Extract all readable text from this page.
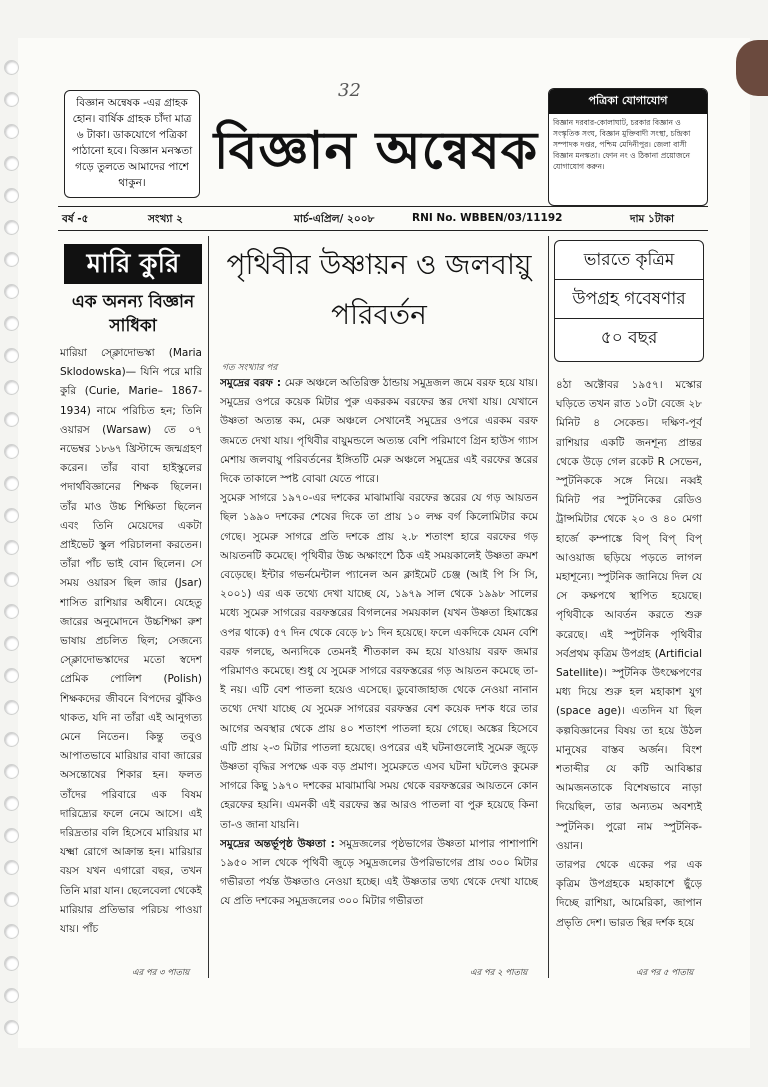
32
বিজ্ঞান অন্বেষক -এর গ্রাহক হোন। বার্ষিক গ্রাহক চাঁদা মাত্র ৬ টাকা। ডাকযোগে পত্রিকা পাঠানো হবে। বিজ্ঞান মনস্কতা গড়ে তুলতে আমাদের পাশে থাকুন।
বিজ্ঞান অন্বেষক
পত্রিকা যোগাযোগ
বিজ্ঞান দরবার-কোলাঘাট, চরকার বিজ্ঞান ও সংস্কৃতিক সংঘ, বিজ্ঞান মুক্তিবাদী সংস্থা, চন্দ্রিকা সম্পাদক দপ্তর, পশ্চিম মেদিনীপুর। জেলা বাসী বিজ্ঞান মনস্কতা। ফোন নং ও ঠিকানা প্রয়োজনে যোগাযোগ করুন।
বর্ষ -৫	সংখ্যা ২	মার্চ-এপ্রিল/ ২০০৮	RNI No. WBBEN/03/11192	দাম ১টাকা
মারি কুরি
এক অনন্য বিজ্ঞান সাধিকা

মারিয়া স্ক্লোদোভস্কা (Maria Sklodowska)— যিনি পরে মারি কুরি (Curie, Marie– 1867-1934) নামে পরিচিত হন; তিনি ওয়ারস (Warsaw) তে ০৭ নভেম্বর ১৮৬৭ খ্রিস্টাব্দে জন্মগ্রহণ করেন। তাঁর বাবা হাইস্কুলের পদার্থবিজ্ঞানের শিক্ষক ছিলেন। তাঁর মাও উচ্চ শিক্ষিতা ছিলেন এবং তিনি মেয়েদের একটা প্রাইভেট স্কুল পরিচালনা করতেন। তাঁরা পাঁচ ভাই বোন ছিলেন। সে সময় ওয়ারস ছিল জার (Jsar) শাসিত রাশিয়ার অধীনে। যেহেতু জারের অনুমোদনে উচ্চশিক্ষা রুশ ভাষায় প্রচলিত ছিল; সেজন্যে স্ক্লোদোভস্কাদের মতো স্বদেশ প্রেমিক পোলিশ (Polish) শিক্ষকদের জীবনে বিপদের ঝুঁকিও থাকত, যদি না তাঁরা এই আনুগত্য মেনে নিতেন। কিন্তু তবুও আপাতভাবে মারিয়ার বাবা জারের অসন্তোষের শিকার হন। ফলত তাঁদের পরিবারে এক বিষম দারিদ্র্যের ফলে নেমে আসে। এই দরিদ্রতার বলি হিসেবে মারিয়ার মা যক্ষ্মা রোগে আক্রান্ত হন। মারিয়ার বয়স যখন এগারো বছর, তখন তিনি মারা যান। ছেলেবেলা থেকেই মারিয়ার প্রতিভার পরিচয় পাওয়া যায়। পাঁচ

এর পর ৩ পাতায়
পৃথিবীর উষ্ণায়ন ও জলবায়ু পরিবর্তন
গত সংখ্যার পর

সমুদ্রের বরফ : মেরু অঞ্চলে অতিরিক্ত ঠান্ডায় সমুদ্রজল জমে বরফ হয়ে যায়। সমুদ্রের ওপরে কয়েক মিটার পুরু একরকম বরফের স্তর দেখা যায়। যেখানে উষ্ণতা অত্যন্ত কম, মেরু অঞ্চলে সেখানেই সমুদ্রের ওপরে এরকম বরফ জমতে দেখা যায়। পৃথিবীর বায়ুমন্ডলে অত্যন্ত বেশি পরিমাণে গ্রিন হাউস গ্যাস মেশায় জলবায়ু পরিবর্তনের ইঙ্গিতটি মেরু অঞ্চলে সমুদ্রের এই বরফের স্তরের দিকে তাকালে স্পষ্ট বোঝা যেতে পারে।

সুমেরু সাগরে ১৯৭০-এর দশকের মাঝামাঝি বরফের স্তরের যে গড় আয়তন ছিল ১৯৯০ দশকের শেষের দিকে তা প্রায় ১০ লক্ষ বর্গ কিলোমিটার কমে গেছে। সুমেরু সাগরে প্রতি দশকে প্রায় ২.৮ শতাংশ হারে বরফের গড় আয়তনটি কমেছে। পৃথিবীর উচ্চ অক্ষাংশে ঠিক এই সময়কালেই উষ্ণতা ক্রমশ বেড়েছে। ইন্টার গভর্নমেন্টাল প্যানেল অন ক্লাইমেট চেঞ্জ (আই পি সি সি, ২০০১) এর এক তথ্যে দেখা যাচ্ছে যে, ১৯৭৯ সাল থেকে ১৯৯৮ সালের মধ্যে সুমেরু সাগরের বরফস্তরের বিগলনের সময়কাল (যখন উষ্ণতা হিমাঙ্কের ওপর থাকে) ৫৭ দিন থেকে বেড়ে ৮১ দিন হয়েছে। ফলে একদিকে যেমন বেশি বরফ গলছে, অন্যদিকে তেমনই শীতকাল কম হয়ে যাওয়ায় বরফ জমার পরিমাণও কমেছে। শুধু যে সুমেরু সাগরে বরফস্তরের গড় আয়তন কমেছে তা-ই নয়। এটি বেশ পাতলা হয়েও এসেছে। ডুবোজাহাজ থেকে নেওয়া নানান তথ্যে দেখা যাচ্ছে যে সুমেরু সাগরের বরফস্তর বেশ কয়েক দশক ধরে তার আগের অবস্থার থেকে প্রায় ৪০ শতাংশ পাতলা হয়ে গেছে। অঙ্কের হিসেবে এটি প্রায় ২-৩ মিটার পাতলা হয়েছে। ওপরের এই ঘটনাগুলোই সুমেরু জুড়ে উষ্ণতা বৃদ্ধির সপক্ষে এক বড় প্রমাণ। সুমেরুতে এসব ঘটনা ঘটলেও কুমেরু সাগরে কিছু ১৯৭০ দশকের মাঝামাঝি সময় থেকে বরফস্তরের আয়তনে কোন হেরফের হয়নি। এমনকী এই বরফের স্তর আরও পাতলা বা পুরু হয়েছে কিনা তা-ও জানা যায়নি।

সমুদ্রের অন্তর্ভূপৃষ্ঠ উষ্ণতা : সমুদ্রজলের পৃষ্ঠভাগের উষ্ণতা মাপার পাশাপাশি ১৯৫০ সাল থেকে পৃথিবী জুড়ে সমুদ্রজলের উপরিভাগের প্রায় ৩০০ মিটার গভীরতা পর্যন্ত উষ্ণতাও নেওয়া হচ্ছে। এই উষ্ণতার তথ্য থেকে দেখা যাচ্ছে যে প্রতি দশকের সমুদ্রজলের ৩০০ মিটার গভীরতা

এর পর ২ পাতায়
ভারতে কৃত্রিম
উপগ্রহ গবেষণার
৫০ বছর

৪ঠা অক্টোবর ১৯৫৭। মস্কোর ঘড়িতে তখন রাত ১০টা বেজে ২৮ মিনিট ৪ সেকেন্ড। দক্ষিণ-পূর্ব রাশিয়ার একটি জনশূন্য প্রান্তর থেকে উড়ে গেল রকেট R সেভেন, স্পুটনিককে সঙ্গে নিয়ে। নব্বই মিনিট পর স্পুটনিকের রেডিও ট্রান্সমিটার থেকে ২০ ও ৪০ মেগা হার্জে কম্পাঙ্কে বিপ্ বিপ্ বিপ্ আওয়াজ ছড়িয়ে পড়তে লাগল মহাশূন্যে। স্পুটনিক জানিয়ে দিল যে সে কক্ষপথে স্থাপিত হয়েছে। পৃথিবীকে আবর্তন করতে শুরু করেছে। এই স্পুটনিক পৃথিবীর সর্বপ্রথম কৃত্রিম উপগ্রহ (Artificial Satellite)। স্পুটনিক উৎক্ষেপণের মধ্য দিয়ে শুরু হল মহাকাশ যুগ (space age)। এতদিন যা ছিল কল্পবিজ্ঞানের বিষয় তা হয়ে উঠল মানুষের বাস্তব অর্জন। বিংশ শতাব্দীর যে কটি আবিষ্কার আমজনতাকে বিশেষভাবে নাড়া দিয়েছিল, তার অন্যতম অবশ্যই স্পুটনিক। পুরো নাম স্পুটনিক-ওয়ান।

তারপর থেকে একের পর এক কৃত্রিম উপগ্রহকে মহাকাশে ছুঁড়ে দিচ্ছে রাশিয়া, আমেরিকা, জাপান প্রভৃতি দেশ। ভারত স্থির দর্শক হয়ে

এর পর ৫ পাতায়
